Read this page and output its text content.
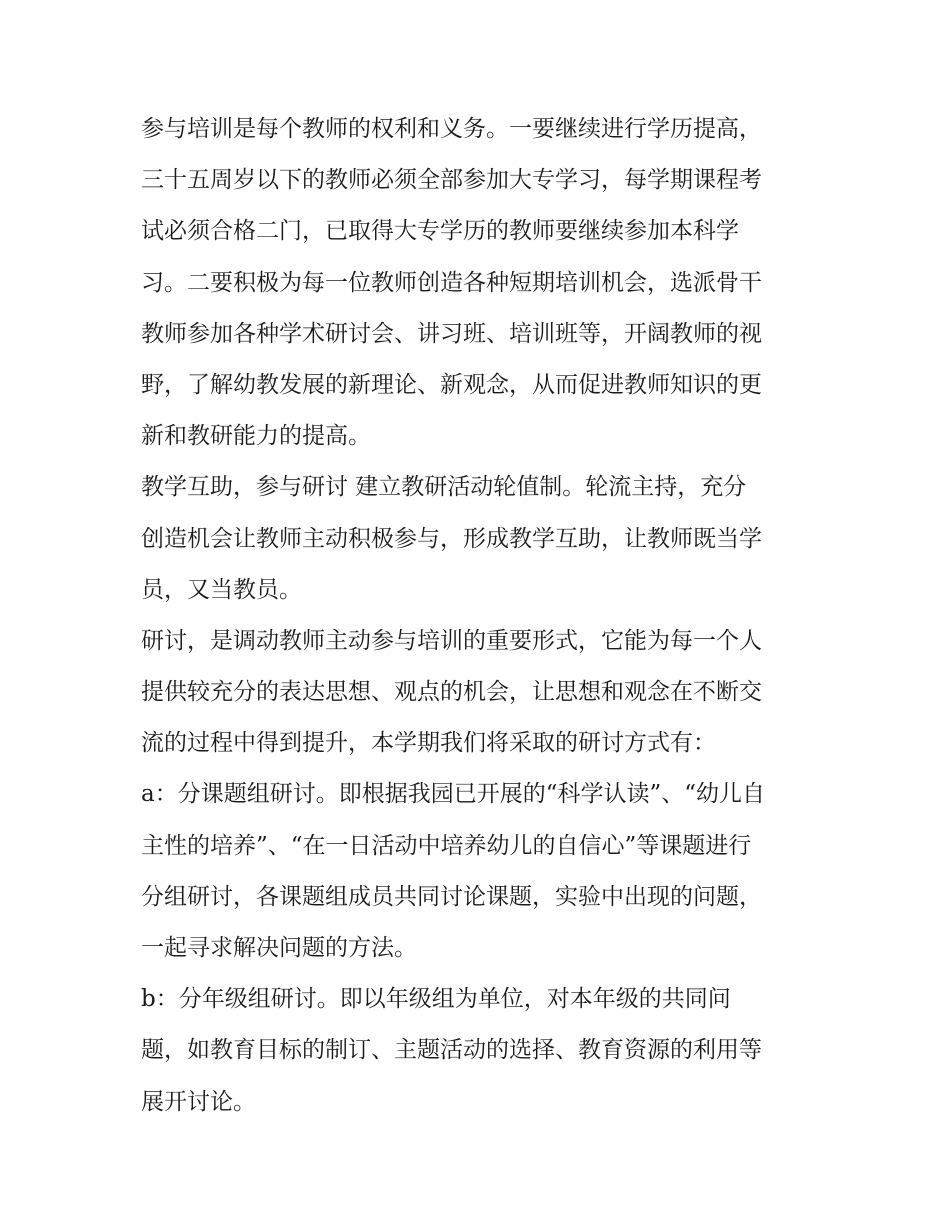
参与培训是每个教师的权利和义务。一要继续进行学历提高，
三十五周岁以下的教师必须全部参加大专学习，每学期课程考
试必须合格二门，已取得大专学历的教师要继续参加本科学
习。二要积极为每一位教师创造各种短期培训机会，选派骨干
教师参加各种学术研讨会、讲习班、培训班等，开阔教师的视
野，了解幼教发展的新理论、新观念，从而促进教师知识的更
新和教研能力的提高。
教学互助，参与研讨 建立教研活动轮值制。轮流主持，充分
创造机会让教师主动积极参与，形成教学互助，让教师既当学
员，又当教员。
研讨，是调动教师主动参与培训的重要形式，它能为每一个人
提供较充分的表达思想、观点的机会，让思想和观念在不断交
流的过程中得到提升，本学期我们将采取的研讨方式有：
a：分课题组研讨。即根据我园已开展的“科学认读”、“幼儿自
主性的培养”、“在一日活动中培养幼儿的自信心”等课题进行
分组研讨，各课题组成员共同讨论课题，实验中出现的问题，
一起寻求解决问题的方法。
b：分年级组研讨。即以年级组为单位，对本年级的共同问
题，如教育目标的制订、主题活动的选择、教育资源的利用等
展开讨论。
